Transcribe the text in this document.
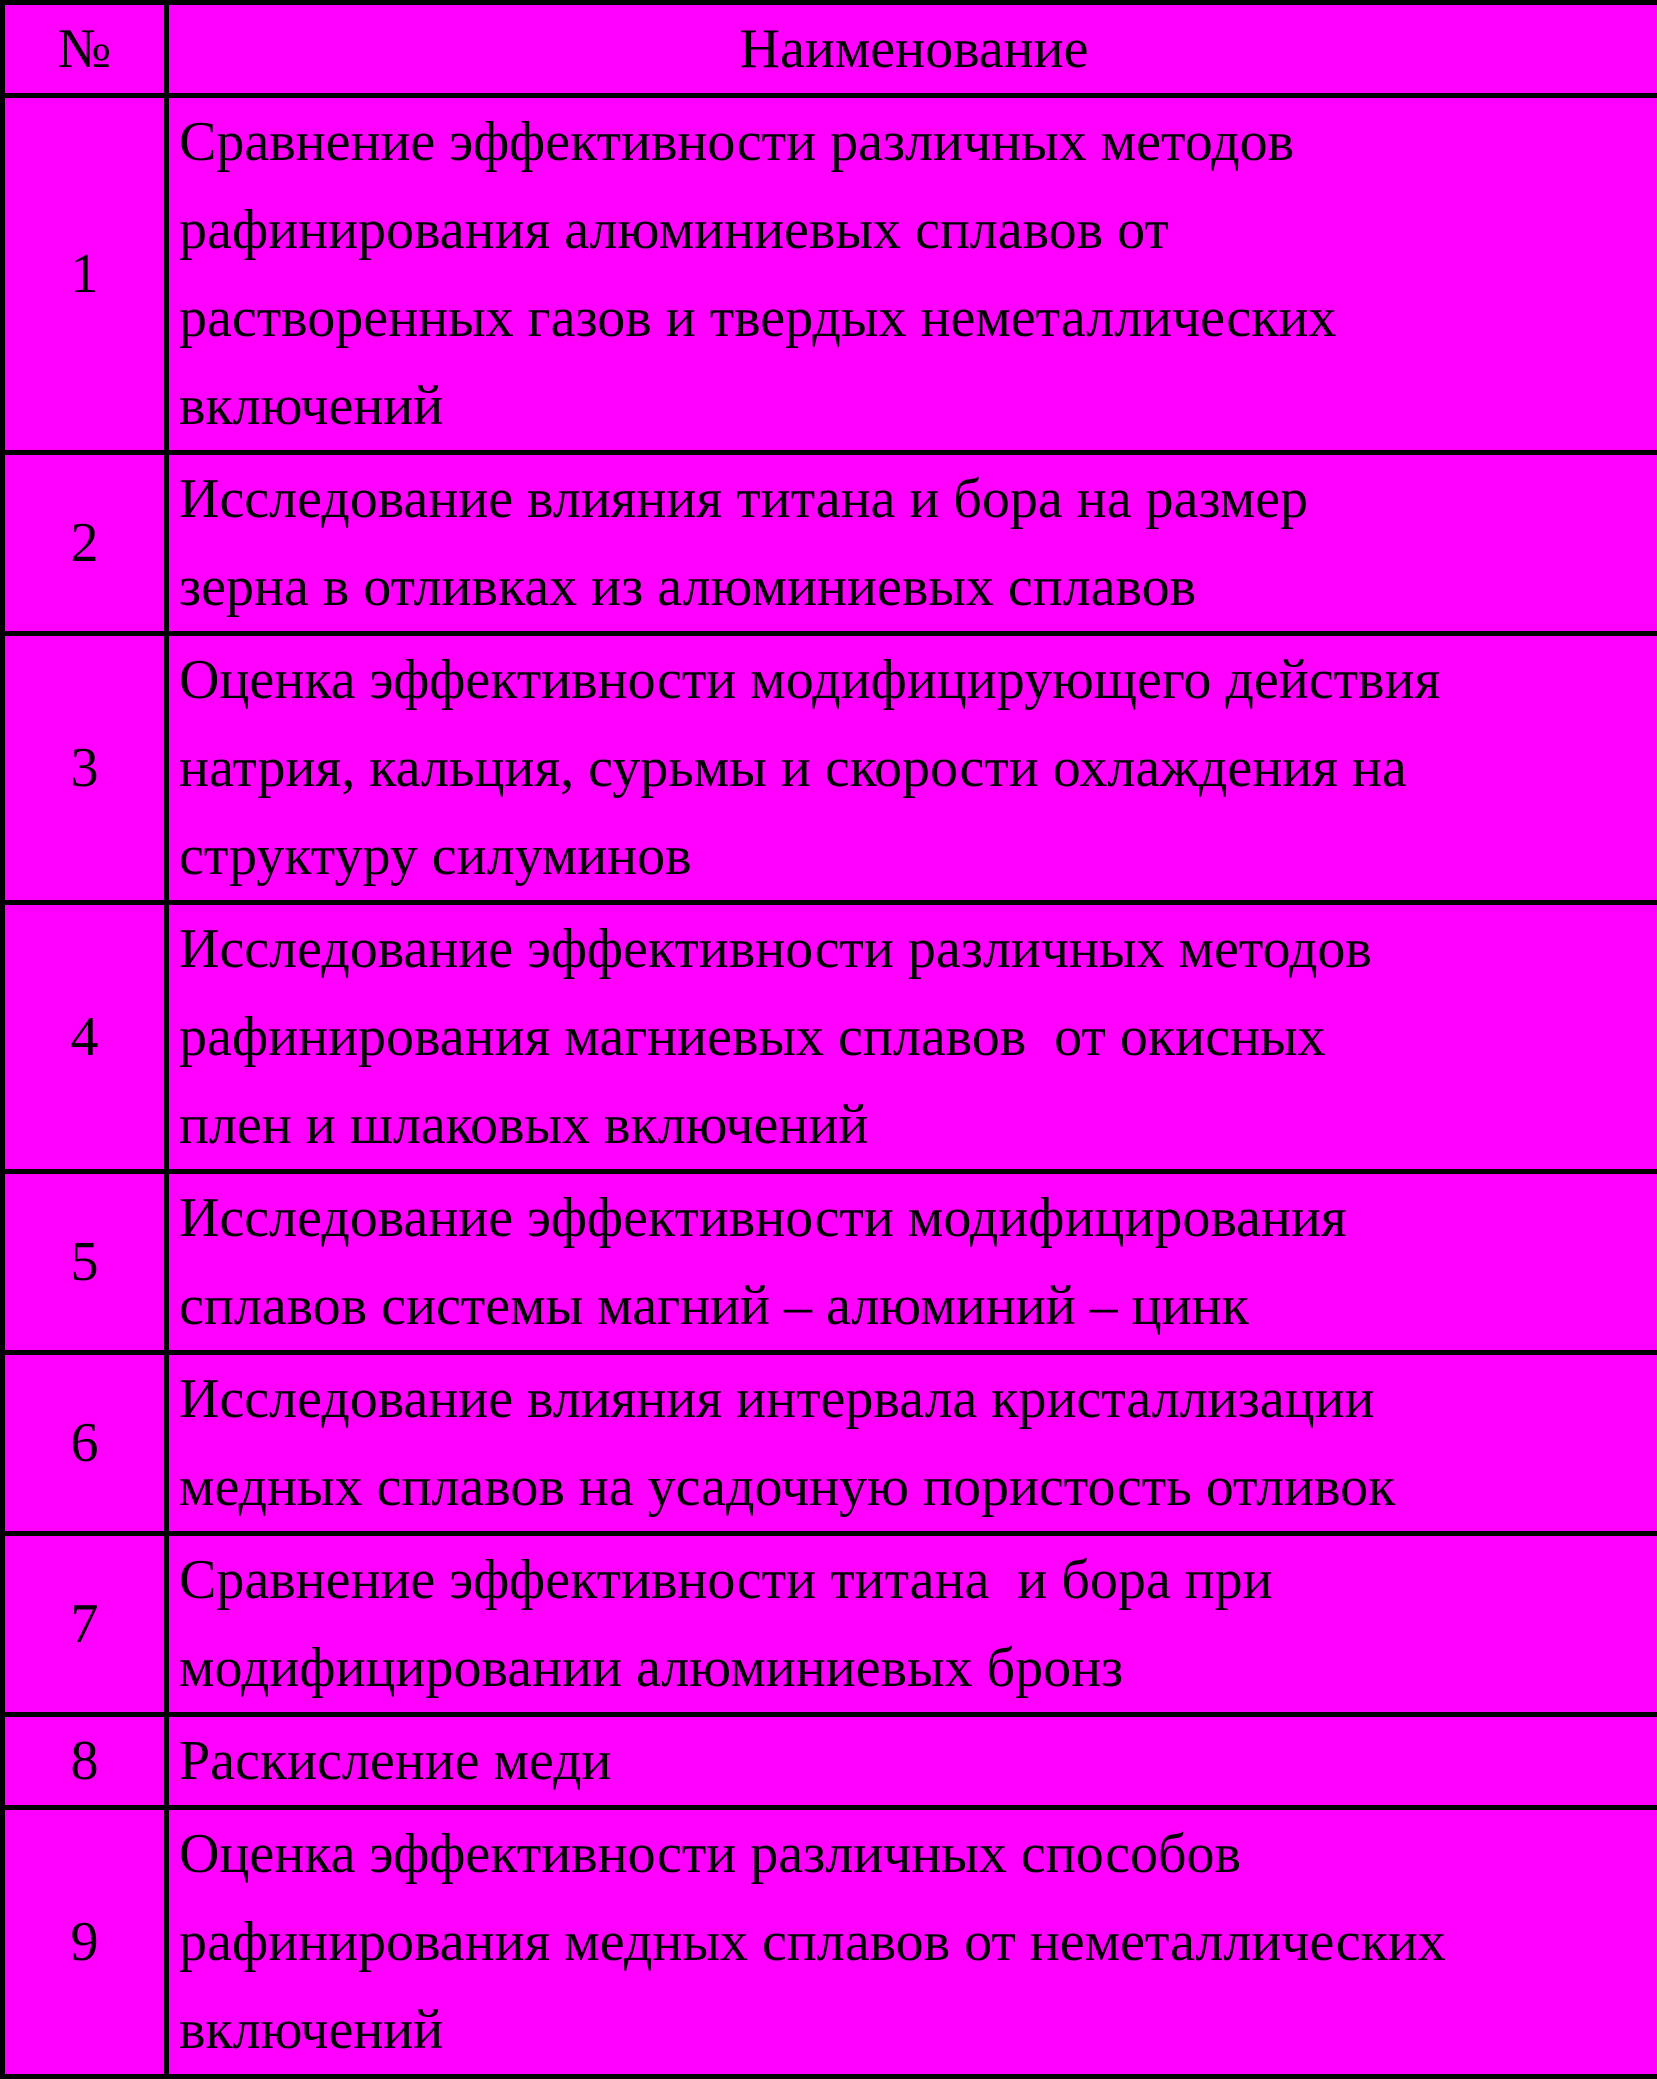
№	Наименование
1	Сравнение эффективности различных методов
рафинирования алюминиевых сплавов от
растворенных газов и твердых неметаллических
включений

2	Исследование влияния титана и бора на размер
зерна в отливках из алюминиевых сплавов

3	Оценка эффективности модифицирующего действия
натрия, кальция, сурьмы и скорости охлаждения на
структуру силуминов

4	Исследование эффективности различных методов
рафинирования магниевых сплавов  от окисных
плен и шлаковых включений

5	Исследование эффективности модифицирования
сплавов системы магний – алюминий – цинк

6	Исследование влияния интервала кристаллизации
медных сплавов на усадочную пористость отливок

7	Сравнение эффективности титана  и бора при
модифицировании алюминиевых бронз

8	Раскисление меди

9	Оценка эффективности различных способов
рафинирования медных сплавов от неметаллических
включений
